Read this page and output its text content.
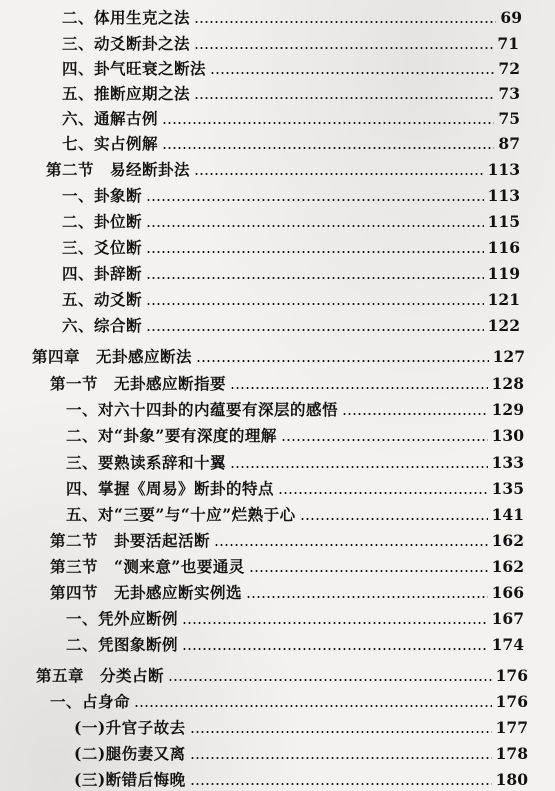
二、体用生克之法	69
三、动爻断卦之法	71
四、卦气旺衰之断法	72
五、推断应期之法	73
六、通解古例	75
七、实占例解	87
第二节　易经断卦法	113
一、卦象断	113
二、卦位断	115
三、爻位断	116
四、卦辞断	119
五、动爻断	121
六、综合断	122
第四章　无卦感应断法	127
第一节　无卦感应断指要	128
一、对六十四卦的内蕴要有深层的感悟	129
二、对“卦象”要有深度的理解	130
三、要熟读系辞和十翼	133
四、掌握《周易》断卦的特点	135
五、对“三要”与“十应”烂熟于心	141
第二节　卦要活起活断	162
第三节　“测来意”也要通灵	162
第四节　无卦感应断实例选	166
一、凭外应断例	167
二、凭图象断例	174
第五章　分类占断	176
一、占身命	176
(一)升官子故去	177
(二)腿伤妻又离	178
(三)断错后悔晚	180
